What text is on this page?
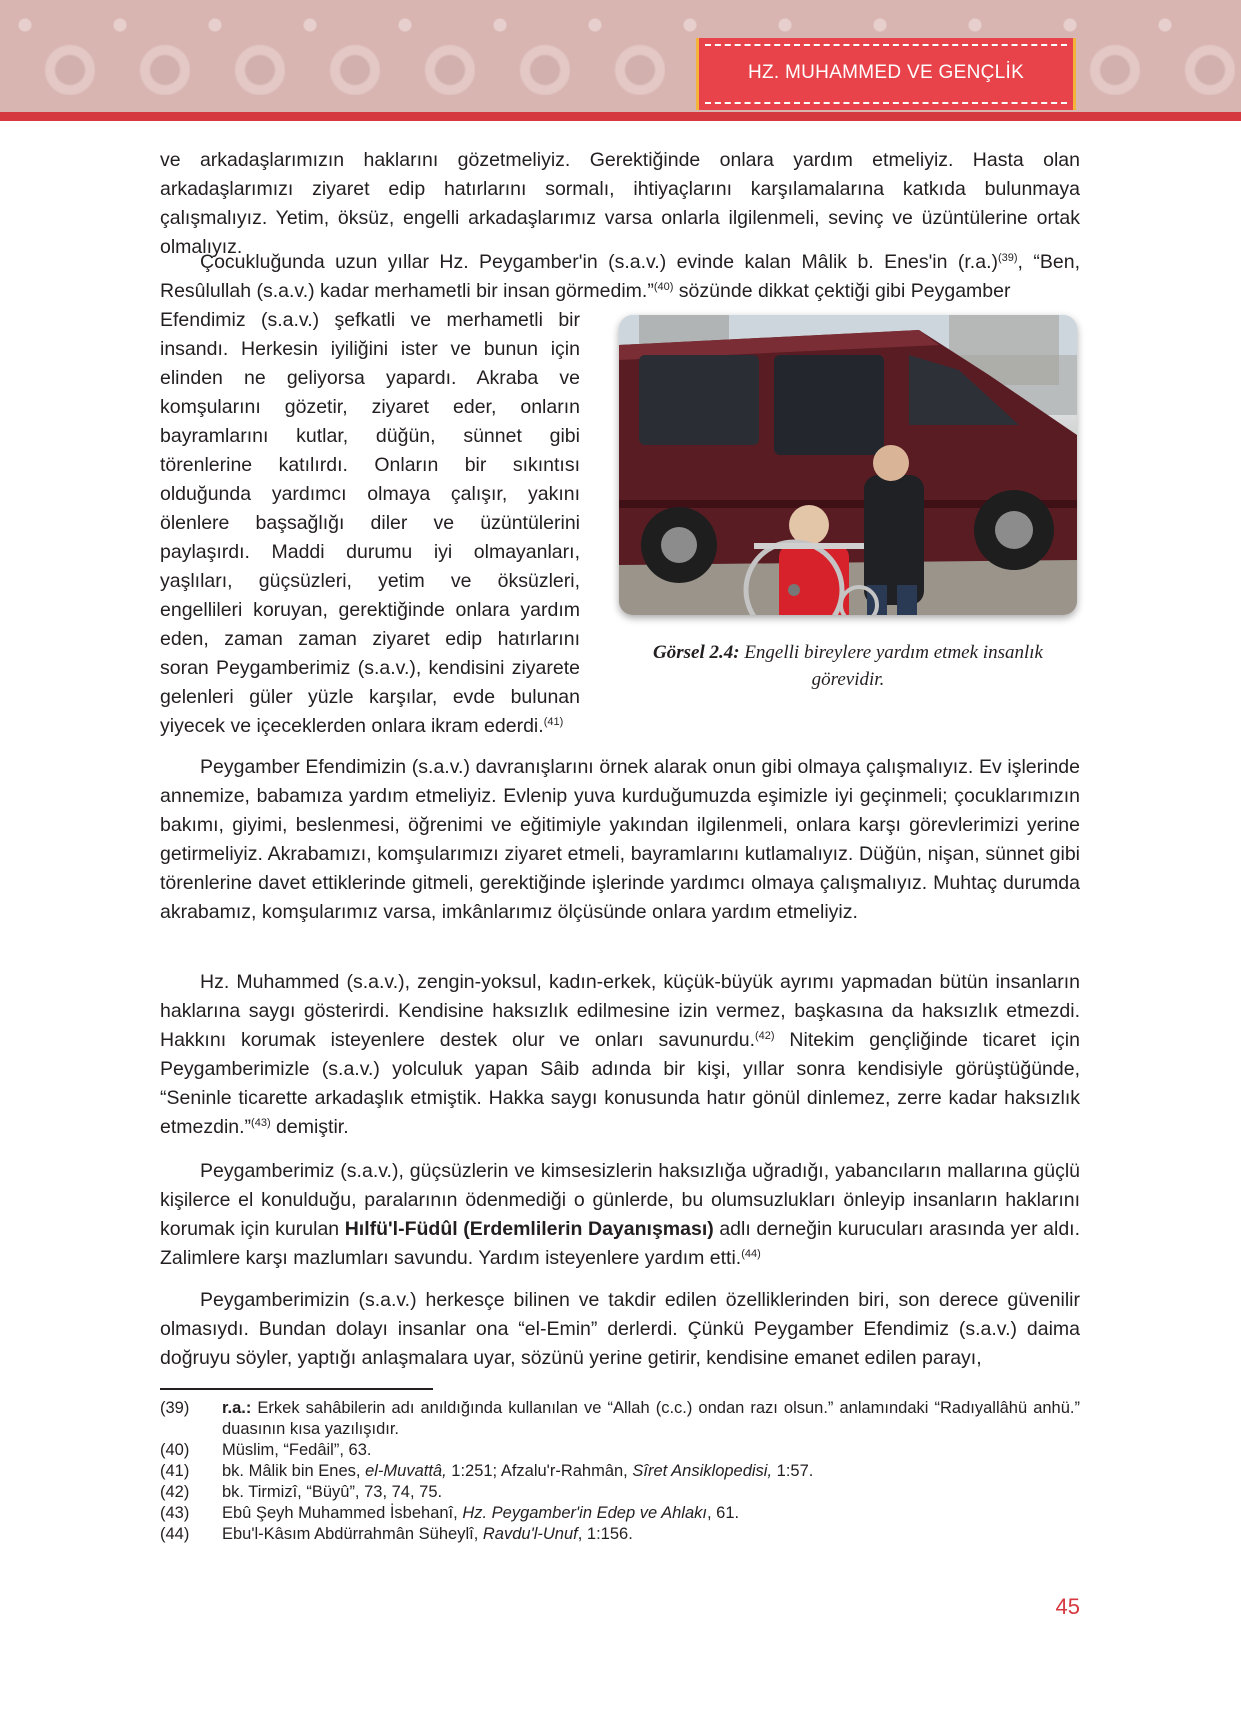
HZ. MUHAMMED VE GENÇLİK
ve arkadaşlarımızın haklarını gözetmeliyiz. Gerektiğinde onlara yardım etmeliyiz. Hasta olan arkadaşlarımızı ziyaret edip hatırlarını sormalı, ihtiyaçlarını karşılamalarına katkıda bulunmaya çalışmalıyız. Yetim, öksüz, engelli arkadaşlarımız varsa onlarla ilgilenmeli, sevinç ve üzüntülerine ortak olmalıyız.
Çocukluğunda uzun yıllar Hz. Peygamber'in (s.a.v.) evinde kalan Mâlik b. Enes'in $(r.a.)^{(39)}$, “Ben, Resûlullah (s.a.v.) kadar merhametli bir insan görmedim.”$^{(40)}$ sözünde dikkat çektiği gibi Peygamber
Efendimiz (s.a.v.) şefkatli ve merhametli bir insandı. Herkesin iyiliğini ister ve bunun için elinden ne geliyorsa yapardı. Akraba ve komşularını gözetir, ziyaret eder, onların bayramlarını kutlar, düğün, sünnet gibi törenlerine katılırdı. Onların bir sıkıntısı olduğunda yardımcı olmaya çalışır, yakını ölenlere başsağlığı diler ve üzüntülerini paylaşırdı. Maddi durumu iyi olmayanları, yaşlıları, güçsüzleri, yetim ve öksüzleri, engellileri koruyan, gerektiğinde onlara yardım eden, zaman zaman ziyaret edip hatırlarını soran Peygamberimiz (s.a.v.), kendisini ziyarete gelenleri güler yüzle karşılar, evde bulunan yiyecek ve içeceklerden onlara ikram ederdi.$^{(41)}$
Görsel 2.4: Engelli bireylere yardım etmek insanlık görevidir.
Peygamber Efendimizin (s.a.v.) davranışlarını örnek alarak onun gibi olmaya çalışmalıyız. Ev işlerinde annemize, babamıza yardım etmeliyiz. Evlenip yuva kurduğumuzda eşimizle iyi geçinmeli; çocuklarımızın bakımı, giyimi, beslenmesi, öğrenimi ve eğitimiyle yakından ilgilenmeli, onlara karşı görevlerimizi yerine getirmeliyiz. Akrabamızı, komşularımızı ziyaret etmeli, bayramlarını kutlamalıyız. Düğün, nişan, sünnet gibi törenlerine davet ettiklerinde gitmeli, gerektiğinde işlerinde yardımcı olmaya çalışmalıyız. Muhtaç durumda akrabamız, komşularımız varsa, imkânlarımız ölçüsünde onlara yardım etmeliyiz.
Hz. Muhammed (s.a.v.), zengin-yoksul, kadın-erkek, küçük-büyük ayrımı yapmadan bütün insanların haklarına saygı gösterirdi. Kendisine haksızlık edilmesine izin vermez, başkasına da haksızlık etmezdi. Hakkını korumak isteyenlere destek olur ve onları savunurdu.$^{(42)}$ Nitekim gençliğinde ticaret için Peygamberimizle (s.a.v.) yolculuk yapan Sâib adında bir kişi, yıllar sonra kendisiyle görüştüğünde, “Seninle ticarette arkadaşlık etmiştik. Hakka saygı konusunda hatır gönül dinlemez, zerre kadar haksızlık etmezdin.”$^{(43)}$ demiştir.
Peygamberimiz (s.a.v.), güçsüzlerin ve kimsesizlerin haksızlığa uğradığı, yabancıların mallarına güçlü kişilerce el konulduğu, paralarının ödenmediği o günlerde, bu olumsuzlukları önleyip insanların haklarını korumak için kurulan Hılfü'l-Füdûl (Erdemlilerin Dayanışması) adlı derneğin kurucuları arasında yer aldı. Zalimlere karşı mazlumları savundu. Yardım isteyenlere yardım etti.$^{(44)}$
Peygamberimizin (s.a.v.) herkesçe bilinen ve takdir edilen özelliklerinden biri, son derece güvenilir olmasıydı. Bundan dolayı insanlar ona “el-Emin” derlerdi. Çünkü Peygamber Efendimiz (s.a.v.) daima doğruyu söyler, yaptığı anlaşmalara uyar, sözünü yerine getirir, kendisine emanet edilen parayı,
(39)	r.a.: Erkek sahâbilerin adı anıldığında kullanılan ve “Allah (c.c.) ondan razı olsun.” anlamındaki “Radıyallâhü anhü.” duasının kısa yazılışıdır.
(40)	Müslim, “Fedâil”, 63.
(41)	bk. Mâlik bin Enes, el-Muvattâ, 1:251; Afzalu'r-Rahmân, Sîret Ansiklopedisi, 1:57.
(42)	bk. Tirmizî, “Büyû”, 73, 74, 75.
(43)	Ebû Şeyh Muhammed İsbehanî, Hz. Peygamber'in Edep ve Ahlakı, 61.
(44)	Ebu'l-Kâsım Abdürrahmân Süheylî, Ravdu'l-Unuf, 1:156.
45
